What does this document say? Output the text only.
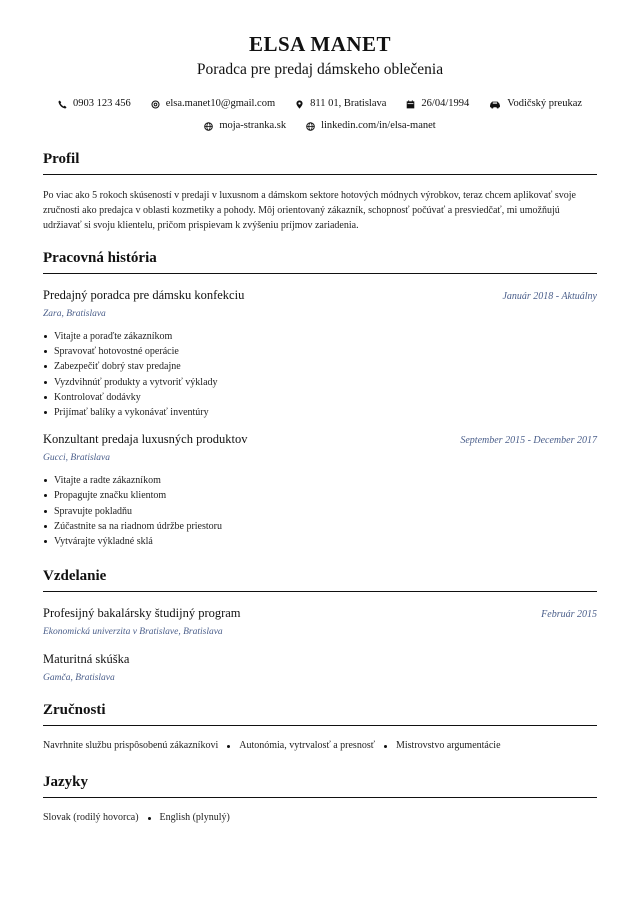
ELSA MANET
Poradca pre predaj dámskeho oblečenia
0903 123 456	elsa.manet10@gmail.com	811 01, Bratislava	26/04/1994	Vodičský preukaz
moja-stranka.sk	linkedin.com/in/elsa-manet
Profil
Po viac ako 5 rokoch skúseností v predaji v luxusnom a dámskom sektore hotových módnych výrobkov, teraz chcem aplikovať svoje zručnosti ako predajca v oblasti kozmetiky a pohody. Môj orientovaný zákazník, schopnosť počúvať a presviedčať, mi umožňujú udržiavať si svoju klientelu, pričom prispievam k zvýšeniu príjmov zariadenia.
Pracovná história
Predajný poradca pre dámsku konfekciu	Január 2018 - Aktuálny
Zara, Bratislava
Vitajte a poraďte zákazníkom
Spravovať hotovostné operácie
Zabezpečiť dobrý stav predajne
Vyzdvihnúť produkty a vytvoriť výklady
Kontrolovať dodávky
Prijímať balíky a vykonávať inventúry
Konzultant predaja luxusných produktov	September 2015 - December 2017
Gucci, Bratislava
Vitajte a radte zákazníkom
Propagujte značku klientom
Spravujte pokladňu
Zúčastnite sa na riadnom údržbe priestoru
Vytvárajte výkladné sklá
Vzdelanie
Profesijný bakalársky študijný program	Február 2015
Ekonomická univerzita v Bratislave, Bratislava
Maturitná skúška
Gamča, Bratislava
Zručnosti
Navrhnite službu prispôsobenú zákazníkovi Autonómia, vytrvalosť a presnosť Mistrovstvo argumentácie
Jazyky
Slovak (rodilý hovorca) English (plynulý)
